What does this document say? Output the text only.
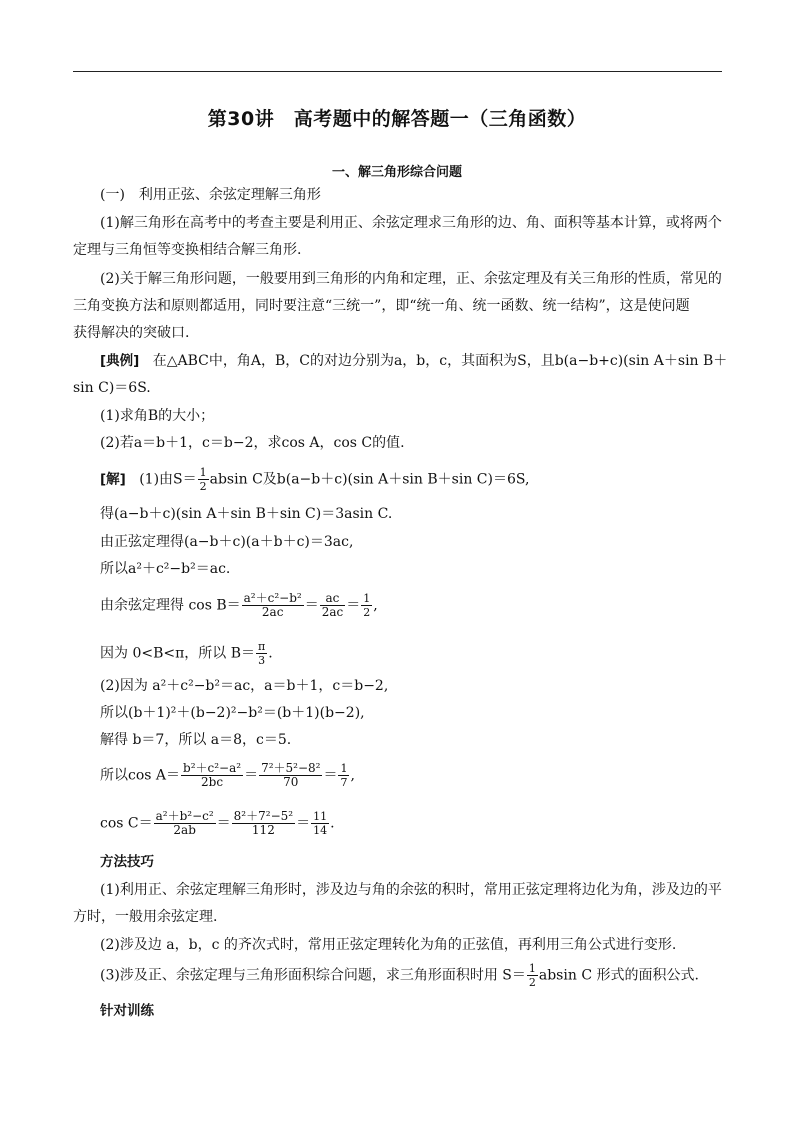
第30讲　高考题中的解答题一（三角函数）
一、解三角形综合问题
(一)　利用正弦、余弦定理解三角形
(1)解三角形在高考中的考查主要是利用正、余弦定理求三角形的边、角、面积等基本计算，或将两个
定理与三角恒等变换相结合解三角形.
(2)关于解三角形问题，一般要用到三角形的内角和定理，正、余弦定理及有关三角形的性质，常见的
三角变换方法和原则都适用，同时要注意“三统一”，即“统一角、统一函数、统一结构”，这是使问题
获得解决的突破口.
[典例] 在△ABC中，角A，B，C的对边分别为a，b，c，其面积为S，且b(a−b+c)(sin A＋sin B＋
sin C)＝6S.
(1)求角B的大小；
(2)若a＝b＋1，c＝b−2，求cos A，cos C的值.
[解] (1)由$S= \frac{1}{2}$ absin C及b(a−b＋c)(sin A＋sin B＋sin C)＝6S,
得(a−b＋c)(sin A＋sin B＋sin C)＝3asin C.
由正弦定理得(a−b＋c)(a＋b＋c)＝3ac,
所以a²＋c²−b²＝ac.
由余弦定理得 $\cos B= \frac{\text{a²＋c²−b²}}{2ac} = \frac{ac}{2ac} = \frac{1}{2}$ ,
因为 0<B<π，所以 $B= \frac{\pi}{3}$ .
(2)因为 a²＋c²−b²＝ac，a＝b＋1，c＝b−2,
所以(b＋1)²＋(b−2)²−b²＝(b＋1)(b−2),
解得 b＝7，所以 a＝8，c＝5.
所以$\cos A= \frac{\text{b²＋c²−a²}}{2bc} = \frac{\text{7²＋5²−8²}}{70} = \frac{1}{7}$ ,
$\cos C= \frac{\text{a²＋b²−c²}}{2ab} = \frac{\text{8²＋7²−5²}}{112} = \frac{11}{14}$ .
方法技巧
(1)利用正、余弦定理解三角形时，涉及边与角的余弦的积时，常用正弦定理将边化为角，涉及边的平
方时，一般用余弦定理.
(2)涉及边 a，b，c 的齐次式时，常用正弦定理转化为角的正弦值，再利用三角公式进行变形.
(3)涉及正、余弦定理与三角形面积综合问题，求三角形面积时用 $S= \frac{1}{2}$ absin C 形式的面积公式.
针对训练
